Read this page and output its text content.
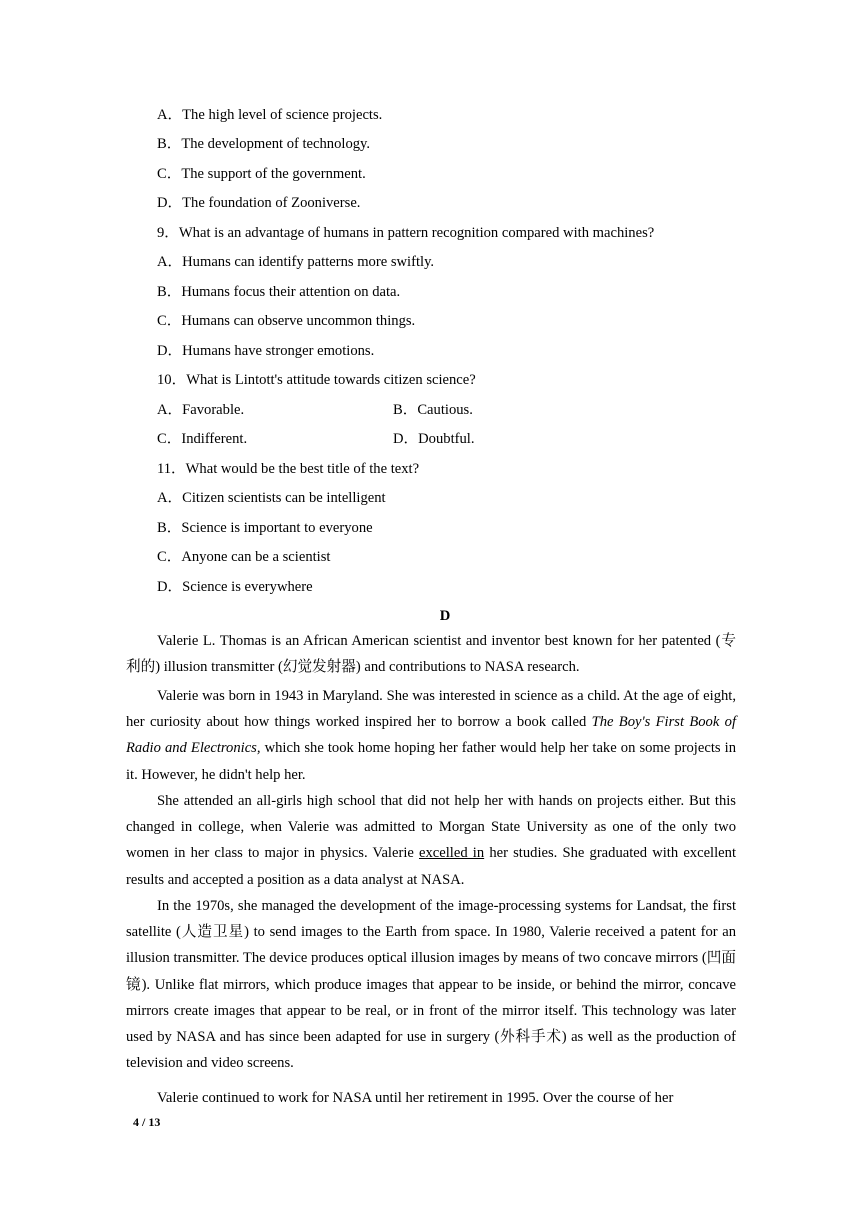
A．The high level of science projects.
B．The development of technology.
C．The support of the government.
D．The foundation of Zooniverse.
9．What is an advantage of humans in pattern recognition compared with machines?
A．Humans can identify patterns more swiftly.
B．Humans focus their attention on data.
C．Humans can observe uncommon things.
D．Humans have stronger emotions.
10．What is Lintott's attitude towards citizen science?
A．Favorable.	B．Cautious.
C．Indifferent.	D．Doubtful.
11．What would be the best title of the text?
A．Citizen scientists can be intelligent
B．Science is important to everyone
C．Anyone can be a scientist
D．Science is everywhere
D
Valerie L. Thomas is an African American scientist and inventor best known for her patented (专利的) illusion transmitter (幻觉发射器) and contributions to NASA research.
Valerie was born in 1943 in Maryland. She was interested in science as a child. At the age of eight, her curiosity about how things worked inspired her to borrow a book called The Boy's First Book of Radio and Electronics, which she took home hoping her father would help her take on some projects in it. However, he didn't help her.
She attended an all-girls high school that did not help her with hands on projects either. But this changed in college, when Valerie was admitted to Morgan State University as one of the only two women in her class to major in physics. Valerie excelled in her studies. She graduated with excellent results and accepted a position as a data analyst at NASA.
In the 1970s, she managed the development of the image-processing systems for Landsat, the first satellite (人造卫星) to send images to the Earth from space. In 1980, Valerie received a patent for an illusion transmitter. The device produces optical illusion images by means of two concave mirrors (凹面镜). Unlike flat mirrors, which produce images that appear to be inside, or behind the mirror, concave mirrors create images that appear to be real, or in front of the mirror itself. This technology was later used by NASA and has since been adapted for use in surgery (外科手术) as well as the production of television and video screens.
Valerie continued to work for NASA until her retirement in 1995. Over the course of her
4 / 13
